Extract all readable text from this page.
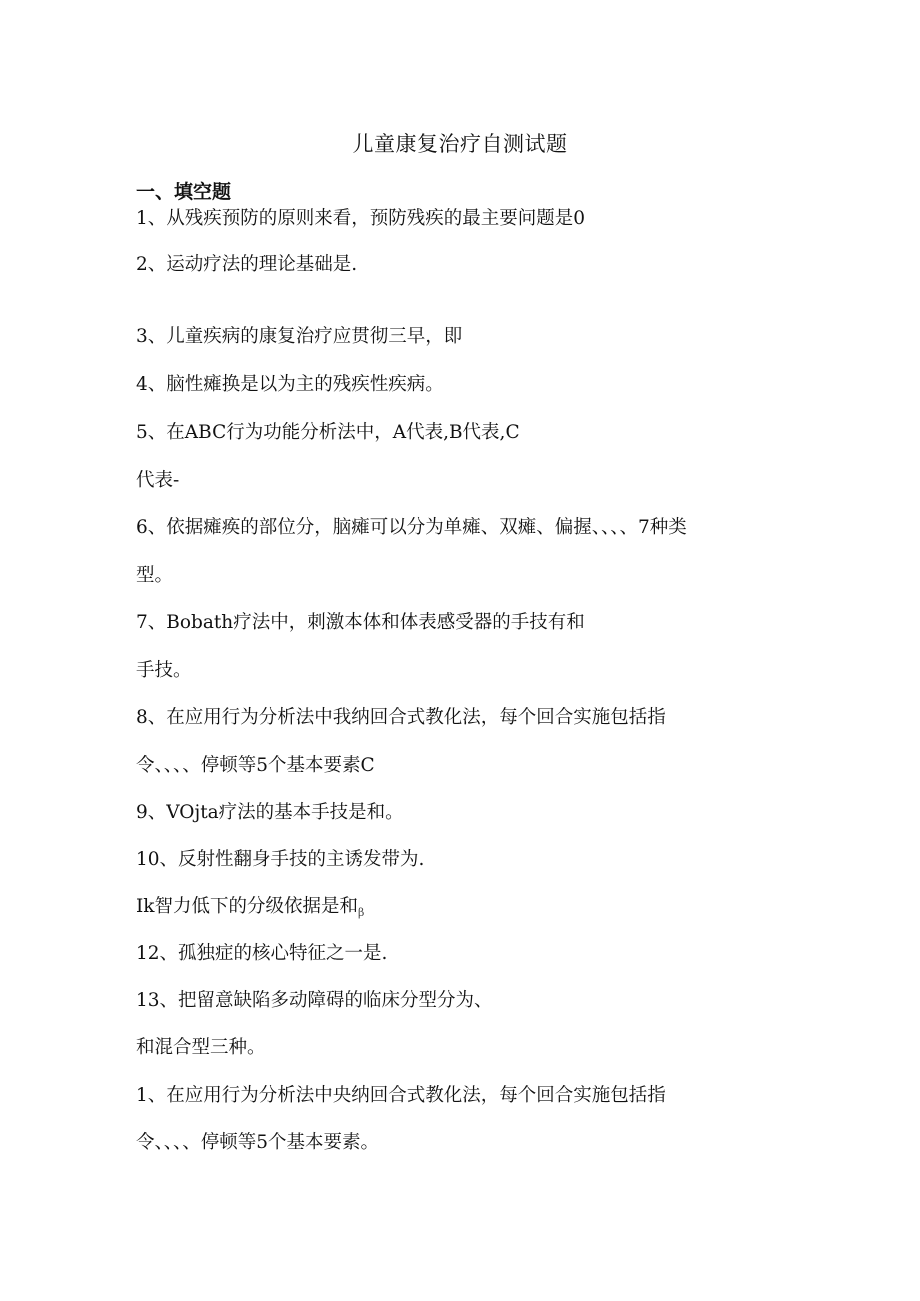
儿童康复治疗自测试题
一、填空题

1、从残疾预防的原则来看，预防残疾的最主要问题是0

2、运动疗法的理论基础是.

3、儿童疾病的康复治疗应贯彻三早，即

4、脑性瘫换是以为主的残疾性疾病。

5、在ABC行为功能分析法中，A代表,B代表,C

代表-

6、依据瘫痪的部位分，脑瘫可以分为单瘫、双瘫、偏握、、、、7种类

型。

7、Bobath疗法中，刺激本体和体表感受器的手技有和

手技。

8、在应用行为分析法中我纳回合式教化法，每个回合实施包括指

令、、、、停顿等5个基本要素C

9、VOjta疗法的基本手技是和。

10、反射性翻身手技的主诱发带为.

Ik智力低下的分级依据是和$_\beta$

12、孤独症的核心特征之一是.

13、把留意缺陷多动障碍的临床分型分为、

和混合型三种。

1、在应用行为分析法中央纳回合式教化法，每个回合实施包括指

令、、、、停顿等5个基本要素。
